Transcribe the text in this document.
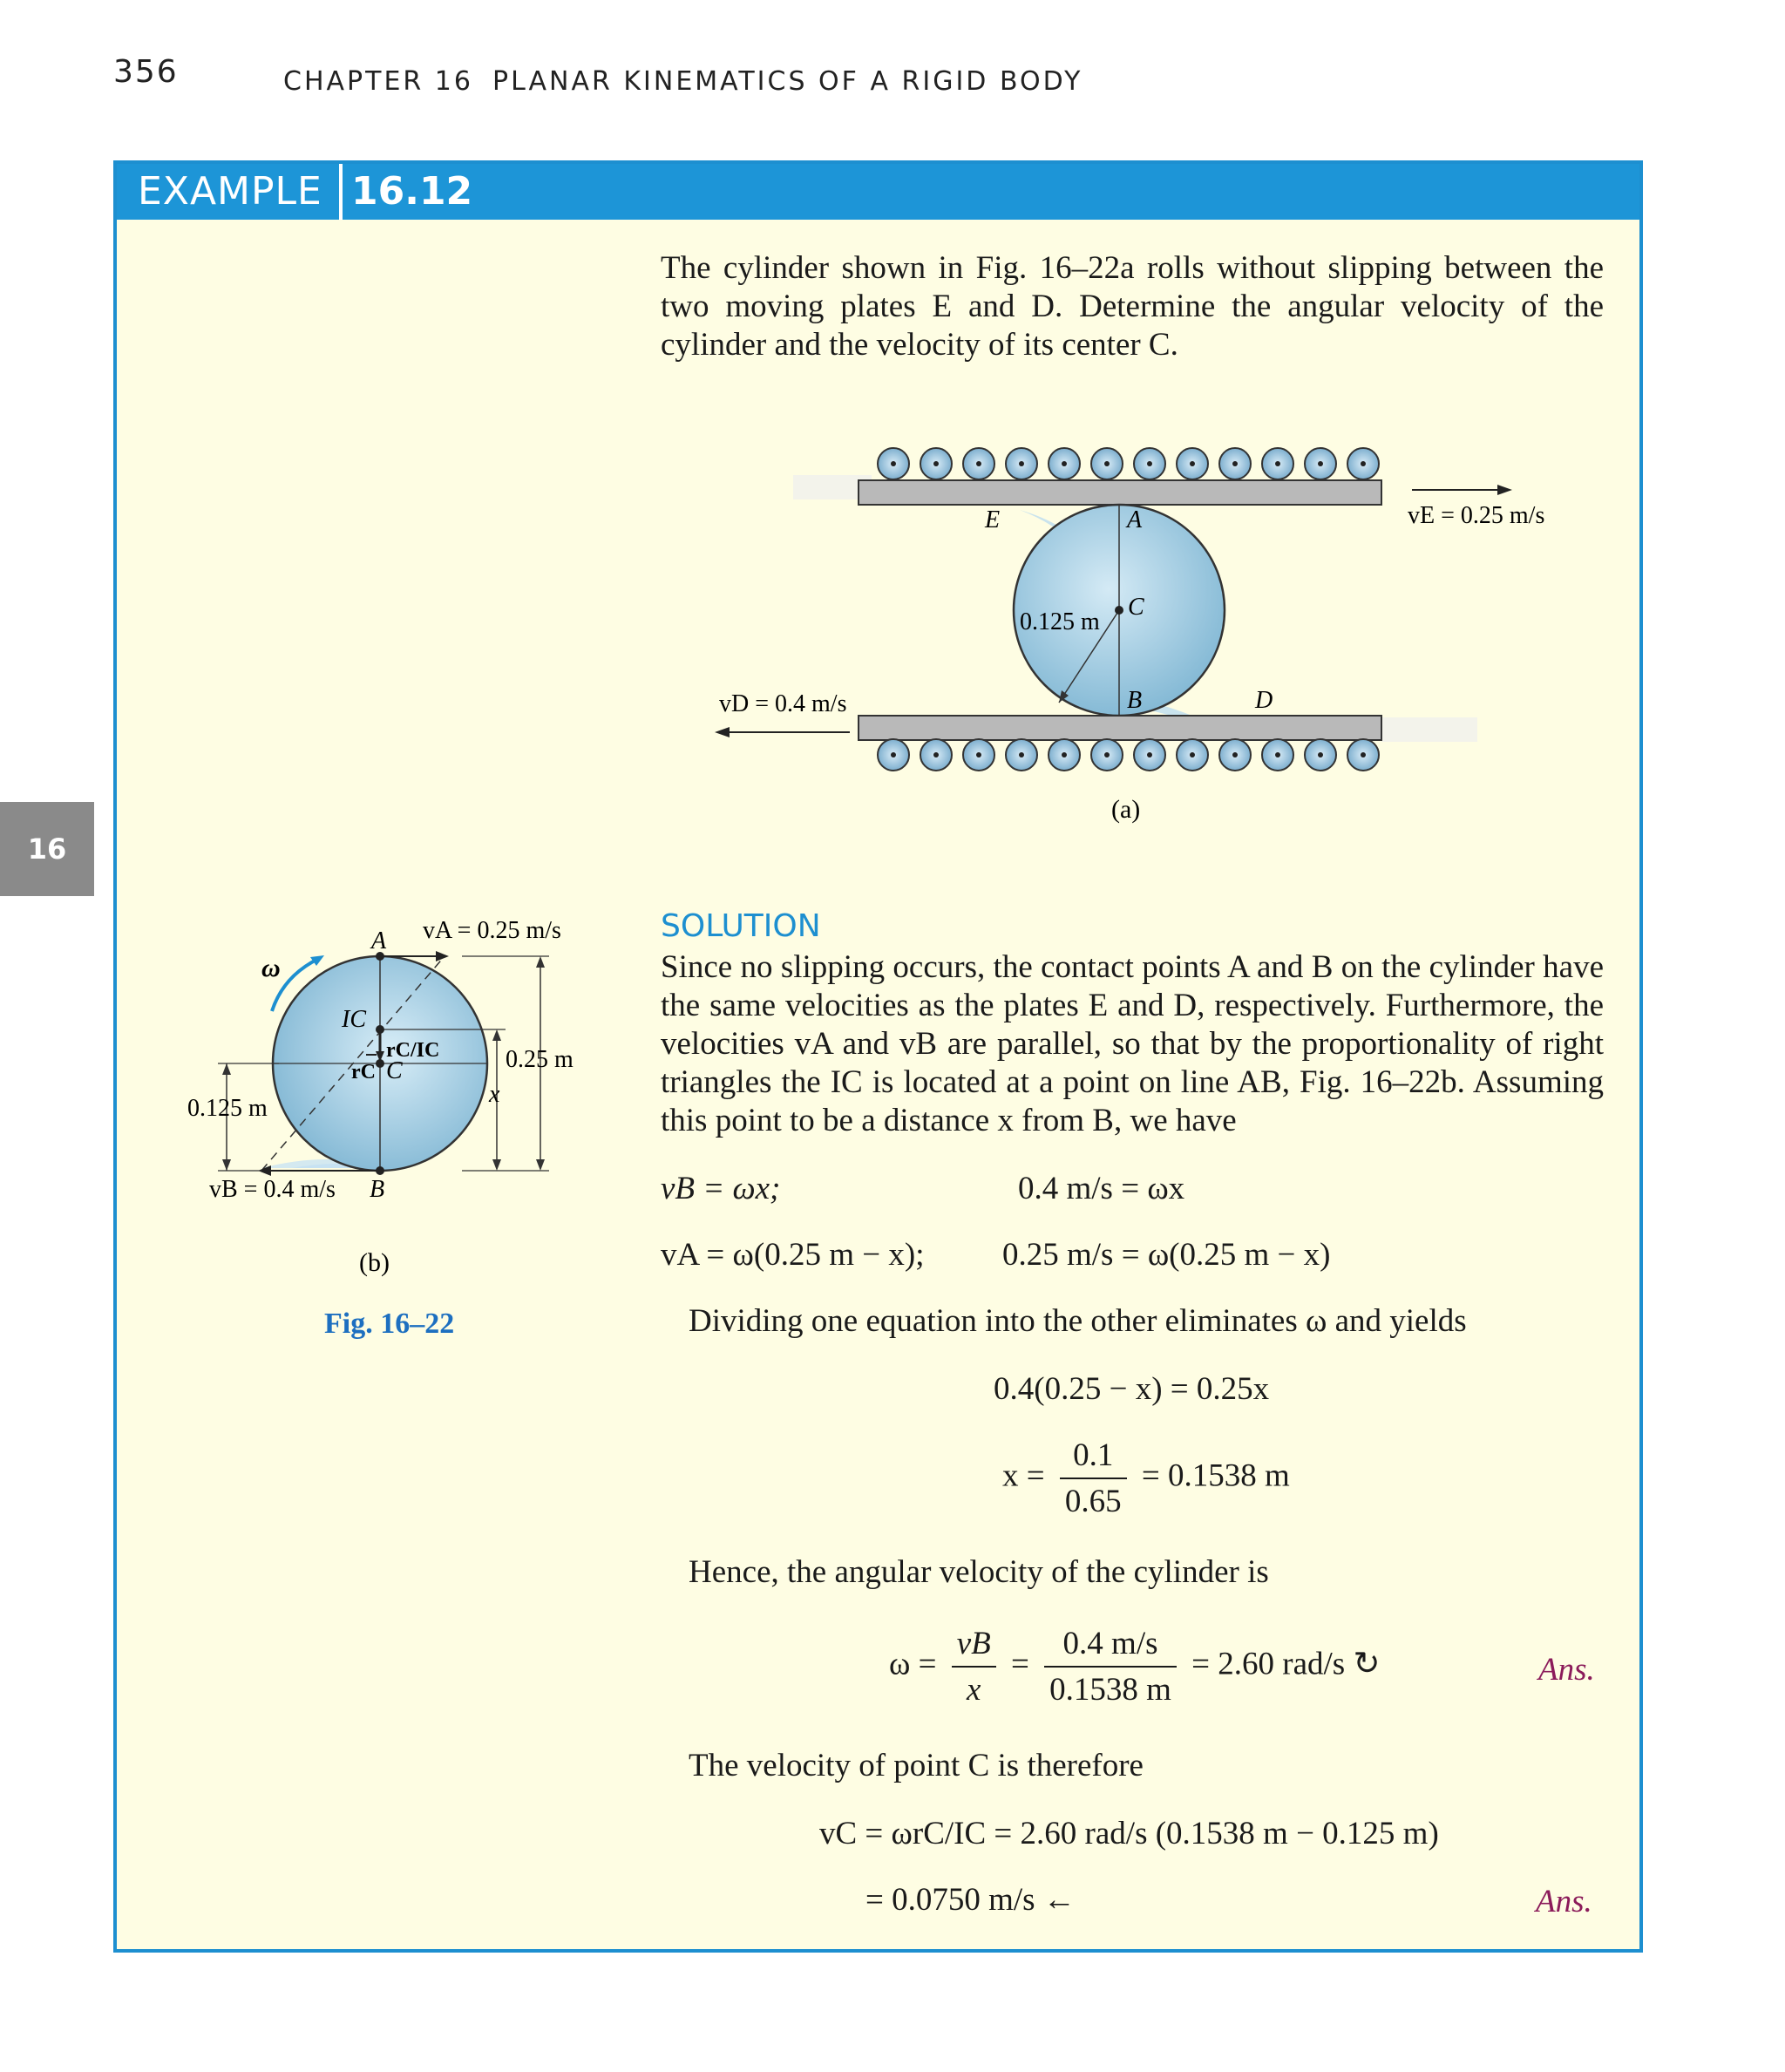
356	CHAPTER 16 PLANAR KINEMATICS OF A RIGID BODY
16
EXAMPLE 16.12
The cylinder shown in Fig. 16–22a rolls without slipping between the two moving plates E and D. Determine the angular velocity of the cylinder and the velocity of its center C.
E	A
C
0.125 m
B	D
vE = 0.25 m/s
vD = 0.4 m/s
(a)
ω
A vA = 0.25 m/s
IC
rC/IC
rC C	0.25 m
x
0.125 m
vB = 0.4 m/s B
(b)
Fig. 16–22
SOLUTION
Since no slipping occurs, the contact points A and B on the cylinder have the same velocities as the plates E and D, respectively. Furthermore, the velocities vA and vB are parallel, so that by the proportionality of right triangles the IC is located at a point on line AB, Fig. 16–22b. Assuming this point to be a distance x from B, we have
vB = ωx;	0.4 m/s = ωx
vA = ω(0.25 m − x); 0.25 m/s = ω(0.25 m − x)
Dividing one equation into the other eliminates ω and yields
0.4(0.25 − x) = 0.25x
$x = \frac{0.1}{0.65} = 0.1538$ m
Hence, the angular velocity of the cylinder is
$\omega = \frac{vB}{x} = \frac{0.4 m/s}{0.1538 m} = 2.60$ rad/s ↻	Ans.
The velocity of point C is therefore
vC = ωrC/IC = 2.60 rad/s (0.1538 m − 0.125 m)
= 0.0750 m/s ←	Ans.
